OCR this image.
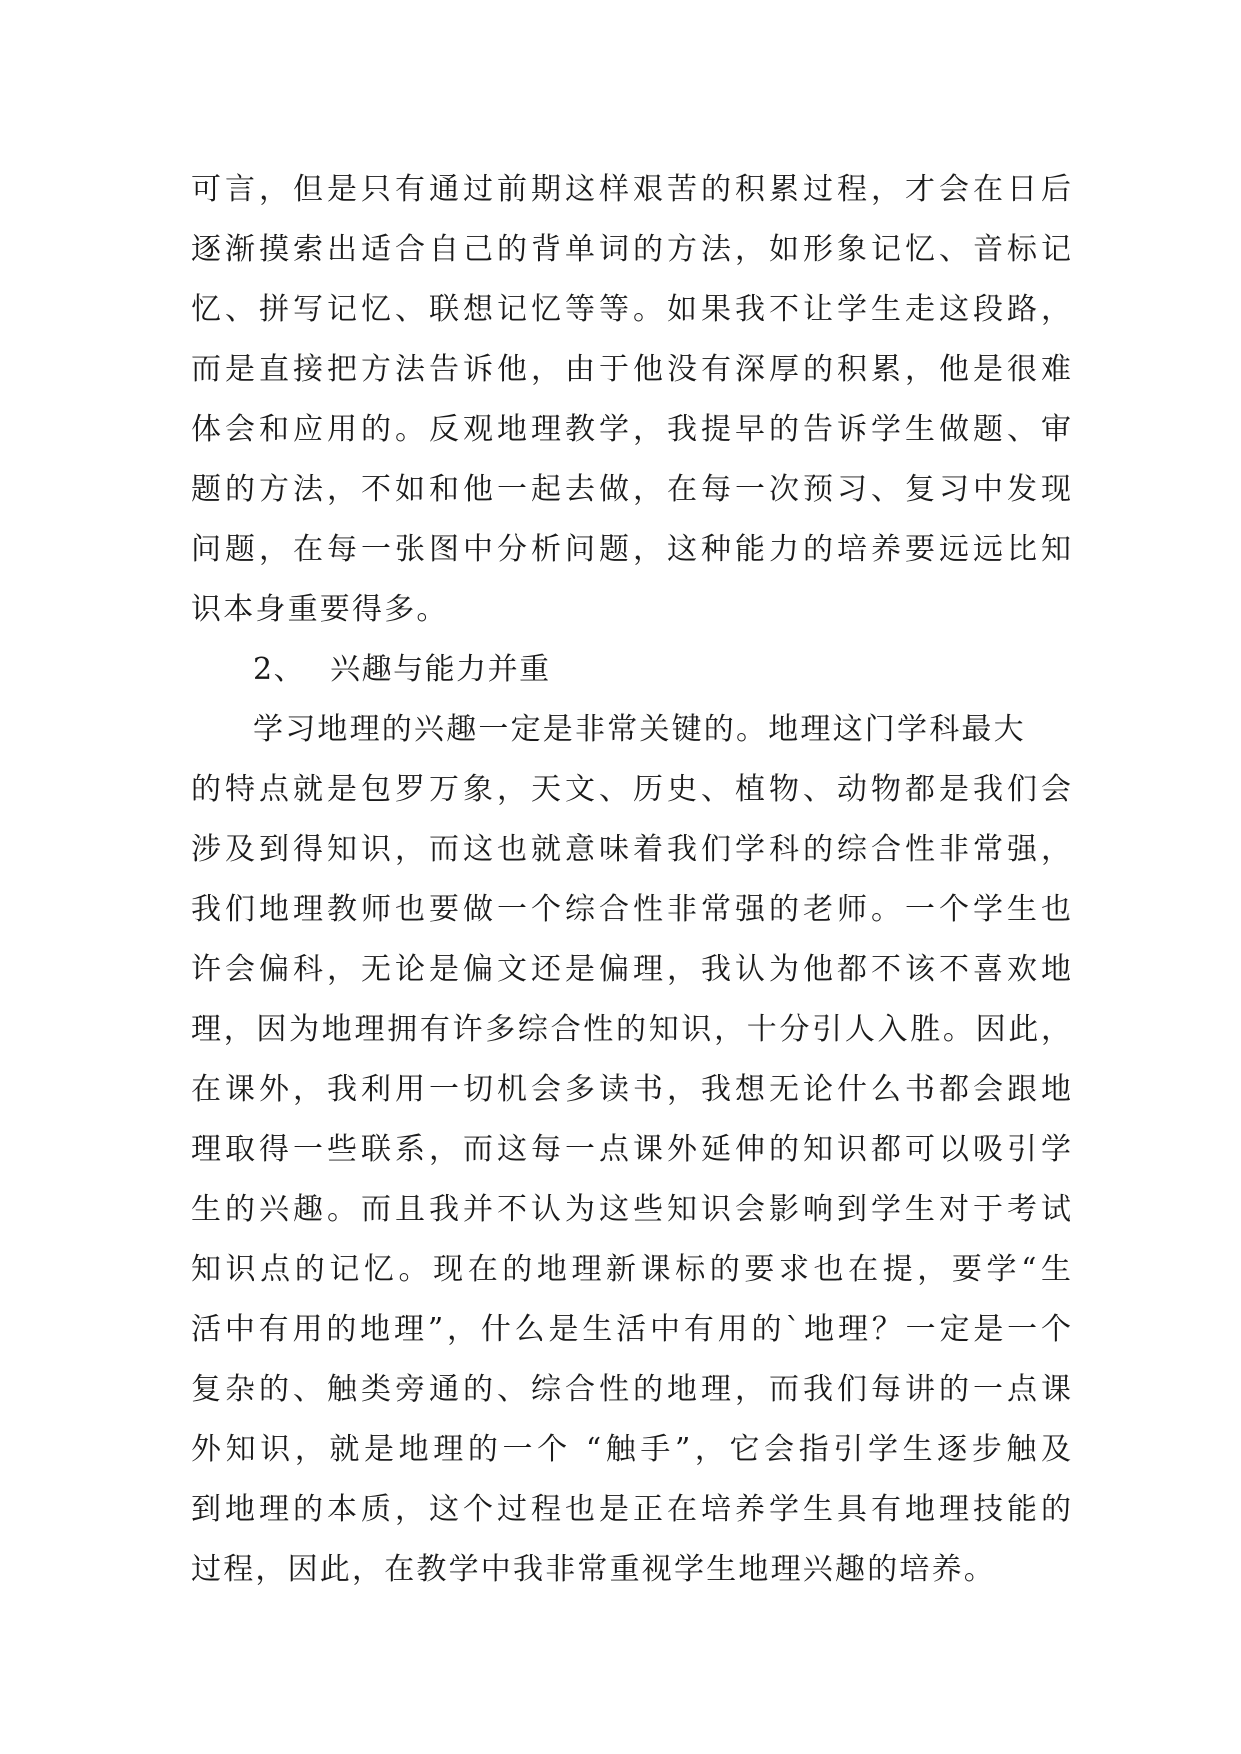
可言，但是只有通过前期这样艰苦的积累过程，才会在日后
逐渐摸索出适合自己的背单词的方法，如形象记忆、音标记
忆、拼写记忆、联想记忆等等。如果我不让学生走这段路，
而是直接把方法告诉他，由于他没有深厚的积累，他是很难
体会和应用的。反观地理教学，我提早的告诉学生做题、审
题的方法，不如和他一起去做，在每一次预习、复习中发现
问题，在每一张图中分析问题，这种能力的培养要远远比知
识本身重要得多。
2、 兴趣与能力并重
学习地理的兴趣一定是非常关键的。地理这门学科最大
的特点就是包罗万象，天文、历史、植物、动物都是我们会
涉及到得知识，而这也就意味着我们学科的综合性非常强，
我们地理教师也要做一个综合性非常强的老师。一个学生也
许会偏科，无论是偏文还是偏理，我认为他都不该不喜欢地
理，因为地理拥有许多综合性的知识，十分引人入胜。因此，
在课外，我利用一切机会多读书，我想无论什么书都会跟地
理取得一些联系，而这每一点课外延伸的知识都可以吸引学
生的兴趣。而且我并不认为这些知识会影响到学生对于考试
知识点的记忆。现在的地理新课标的要求也在提，要学“生
活中有用的地理”，什么是生活中有用的`地理？一定是一个
复杂的、触类旁通的、综合性的地理，而我们每讲的一点课
外知识，就是地理的一个 “触手”，它会指引学生逐步触及
到地理的本质，这个过程也是正在培养学生具有地理技能的
过程，因此，在教学中我非常重视学生地理兴趣的培养。
